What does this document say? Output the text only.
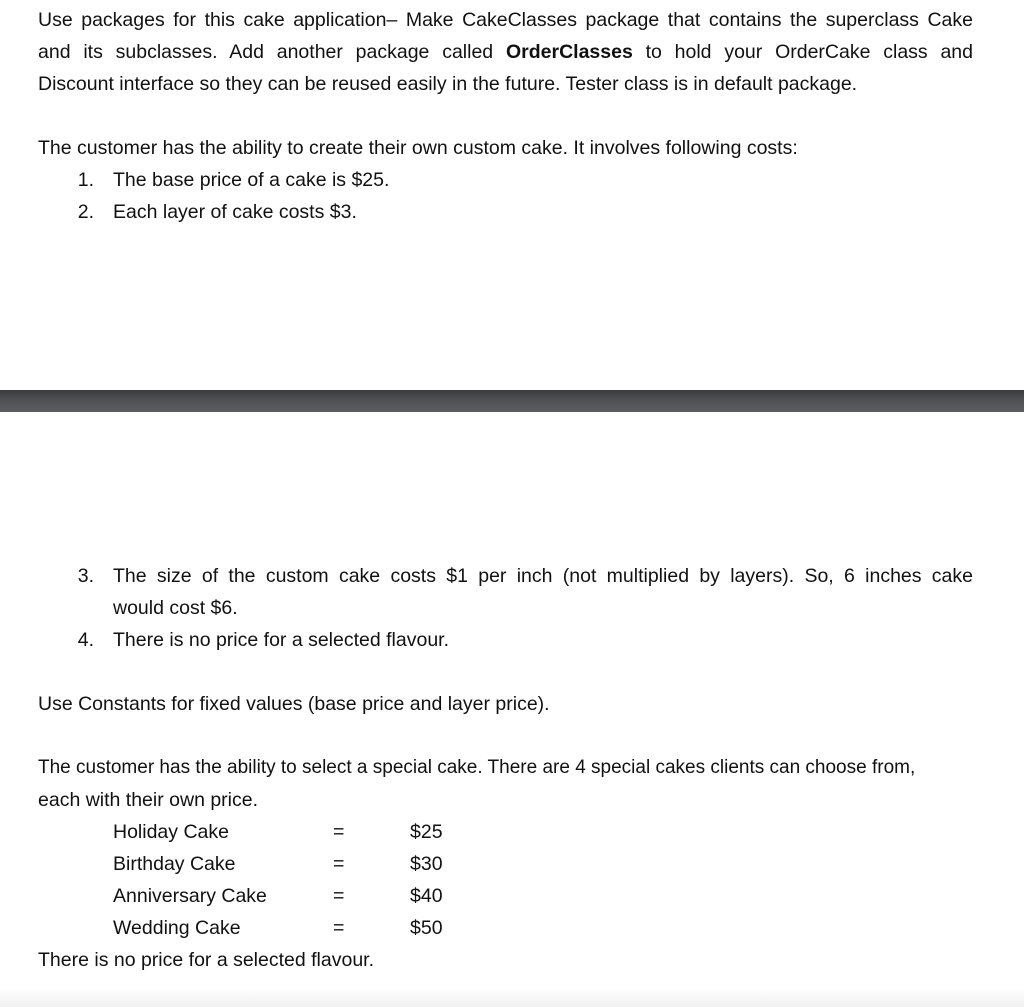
Use packages for this cake application– Make CakeClasses package that contains the superclass Cake
and its subclasses. Add another package called OrderClasses to hold your OrderCake class and
Discount interface so they can be reused easily in the future. Tester class is in default package.
The customer has the ability to create their own custom cake. It involves following costs:
1. The base price of a cake is $25.
2. Each layer of cake costs $3.
3. The size of the custom cake costs $1 per inch (not multiplied by layers). So, 6 inches cake
would cost $6.
4. There is no price for a selected flavour.
Use Constants for fixed values (base price and layer price).
The customer has the ability to select a special cake. There are 4 special cakes clients can choose from,
each with their own price.
Holiday Cake	=	$25
Birthday Cake	=	$30
Anniversary Cake	=	$40
Wedding Cake	=	$50
There is no price for a selected flavour.
